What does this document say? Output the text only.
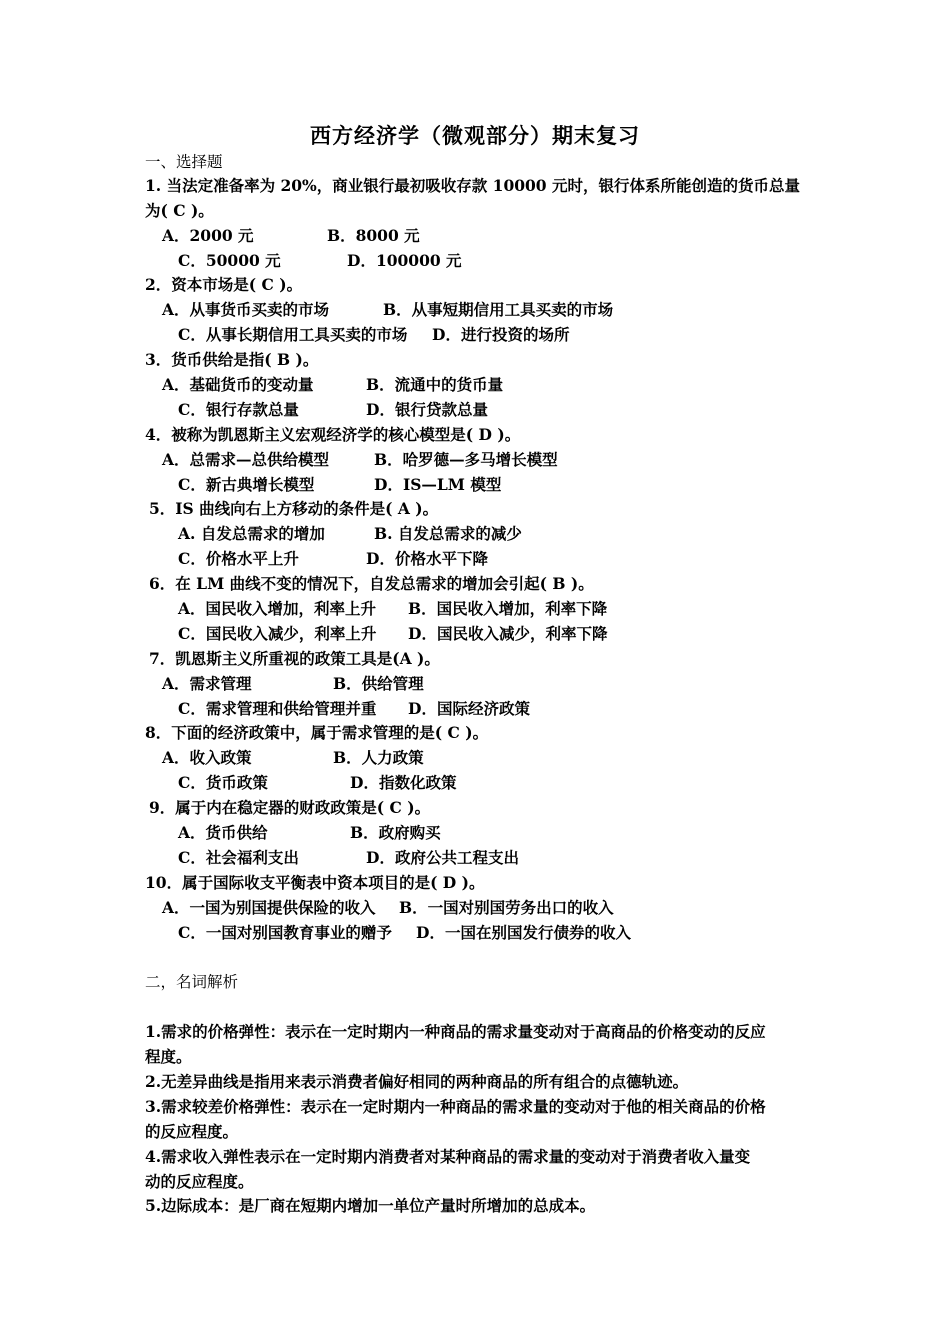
西方经济学（微观部分）期末复习
一、选择题
1. 当法定准备率为 20%，商业银行最初吸收存款 10000 元时，银行体系所能创造的货币总量
为( C )。
A．2000 元	B．8000 元
C．50000 元	D．100000 元
2．资本市场是( C )。
A．从事货币买卖的市场	B．从事短期信用工具买卖的市场
C．从事长期信用工具买卖的市场 D．进行投资的场所
3．货币供给是指( B )。
A．基础货币的变动量	B．流通中的货币量
C．银行存款总量	D．银行贷款总量
4．被称为凯恩斯主义宏观经济学的核心模型是( D )。
A．总需求—总供给模型	B．哈罗德—多马增长模型
C．新古典增长模型	D．IS—LM 模型
5．IS 曲线向右上方移动的条件是( A )。
A. 自发总需求的增加	B. 自发总需求的减少
C．价格水平上升	D．价格水平下降
6．在 LM 曲线不变的情况下，自发总需求的增加会引起( B )。
A．国民收入增加，利率上升 B．国民收入增加，利率下降
C．国民收入减少，利率上升 D．国民收入减少，利率下降
7．凯恩斯主义所重视的政策工具是(A )。
A．需求管理	B．供给管理
C．需求管理和供给管理并重 D．国际经济政策
8．下面的经济政策中，属于需求管理的是( C )。
A．收入政策	B．人力政策
C．货币政策	D．指数化政策
9．属于内在稳定器的财政政策是( C )。
A．货币供给	B．政府购买
C．社会福利支出	D．政府公共工程支出
10．属于国际收支平衡表中资本项目的是( D )。
A．一国为别国提供保险的收入 B．一国对别国劳务出口的收入
C．一国对别国教育事业的赠予 D．一国在别国发行债券的收入
二，名词解析
1.需求的价格弹性：表示在一定时期内一种商品的需求量变动对于高商品的价格变动的反应
程度。
2.无差异曲线是指用来表示消费者偏好相同的两种商品的所有组合的点德轨迹。
3.需求较差价格弹性：表示在一定时期内一种商品的需求量的变动对于他的相关商品的价格
的反应程度。
4.需求收入弹性表示在一定时期内消费者对某种商品的需求量的变动对于消费者收入量变
动的反应程度。
5.边际成本：是厂商在短期内增加一单位产量时所增加的总成本。
